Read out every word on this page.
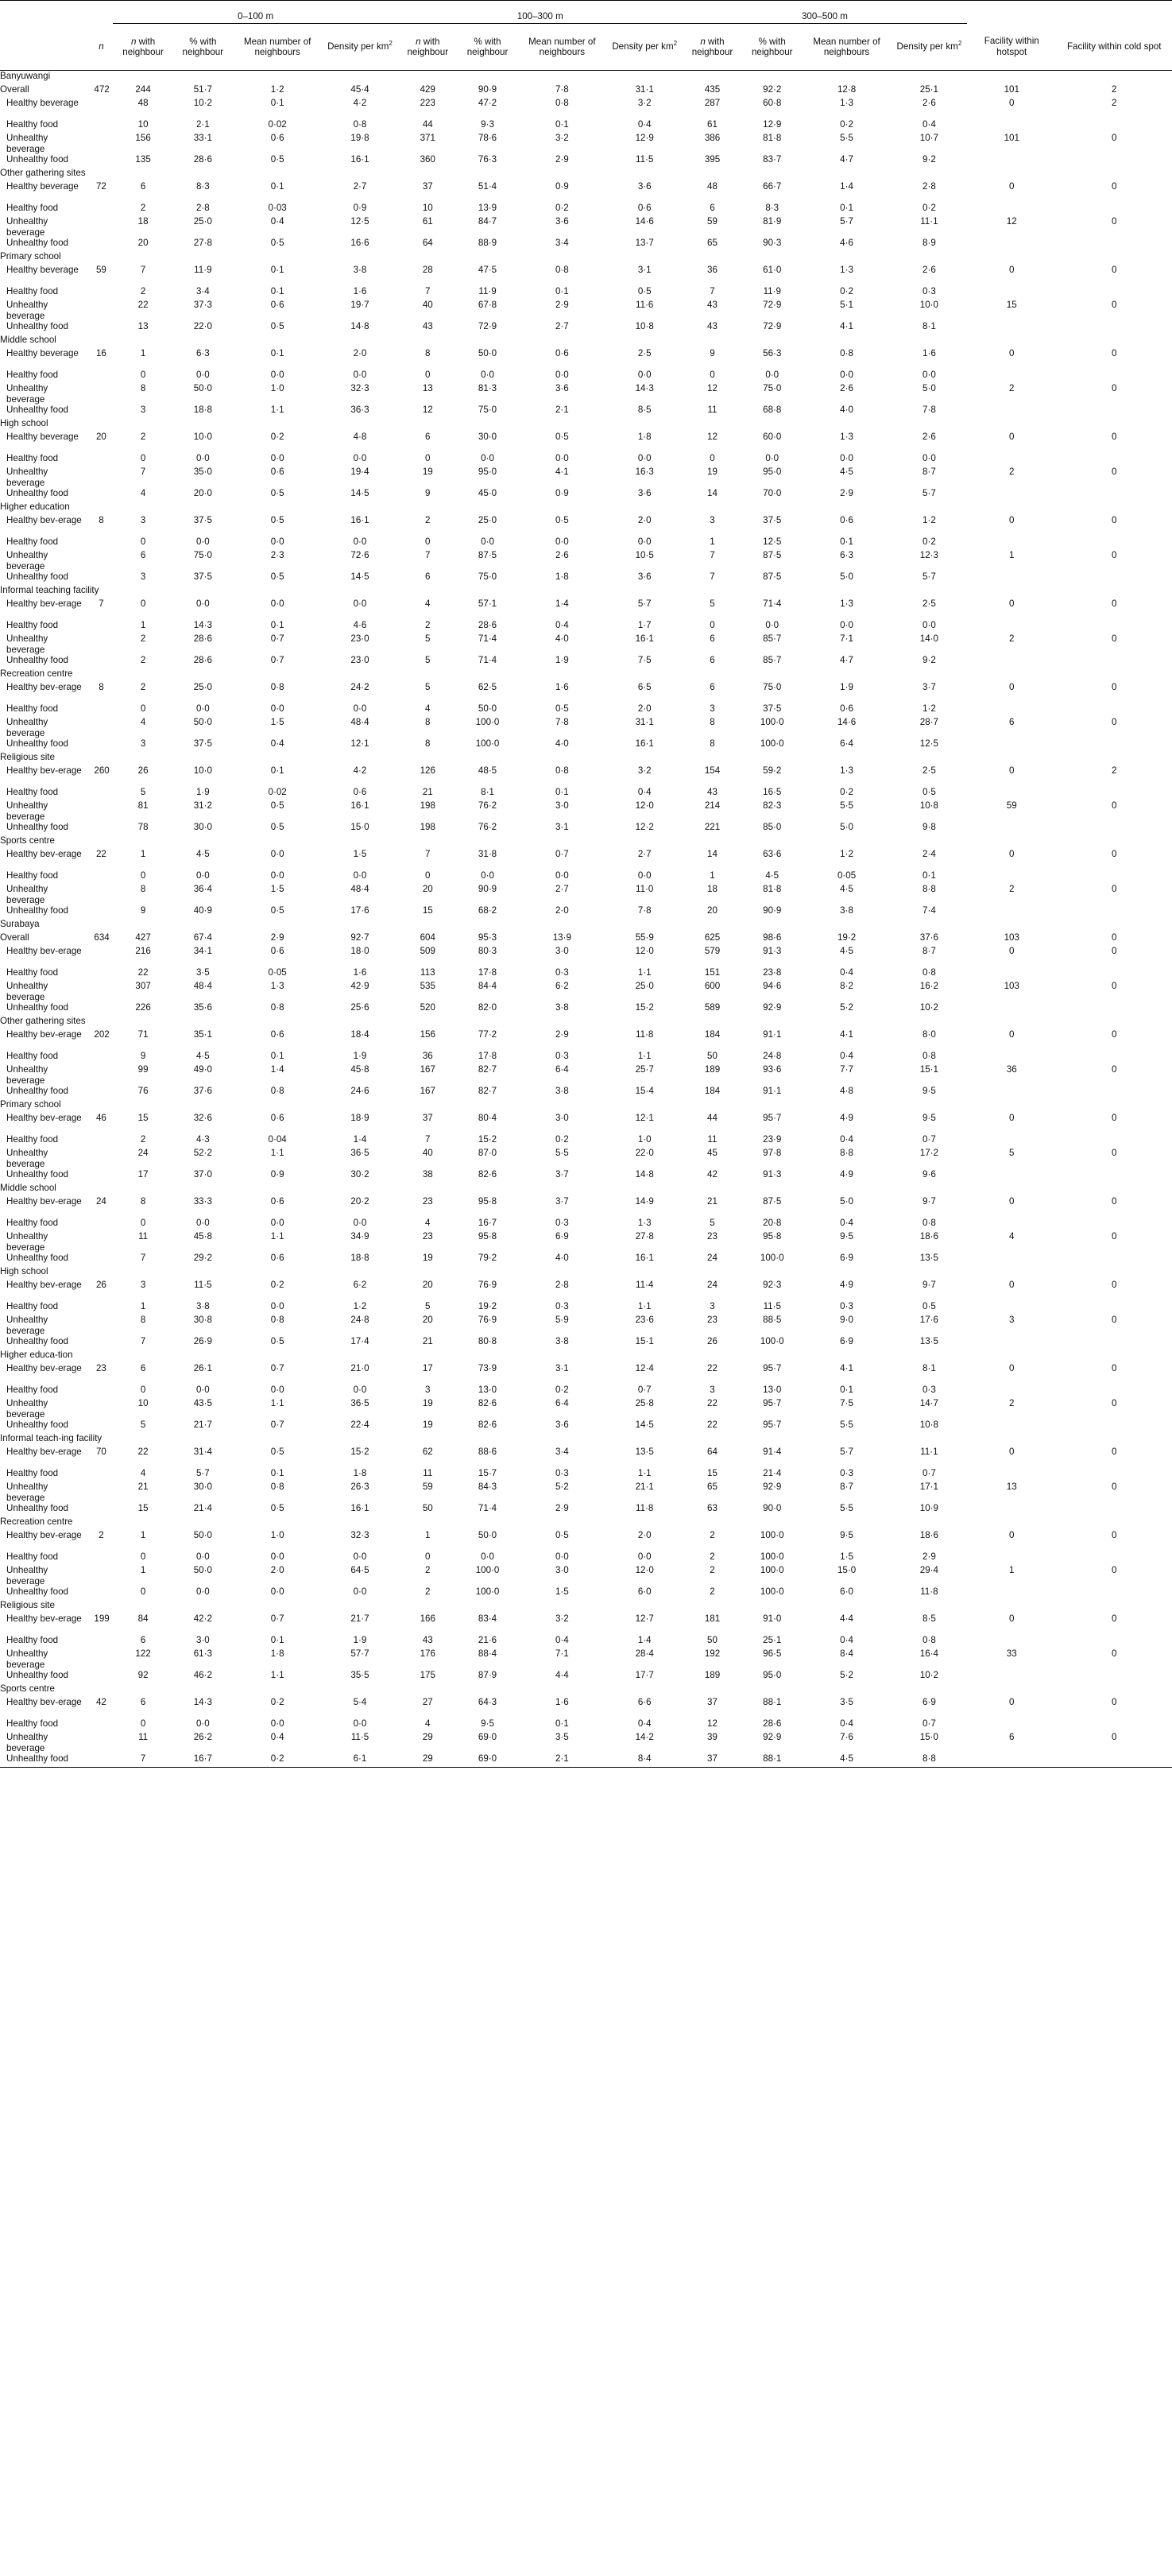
		0–100 m				100–300 m				300–500 m					
	n	n with neighbour	% with neighbour	Mean number of neighbours	Density per $km^2$	n with neighbour	% with neighbour	Mean number of neighbours	Density per $km^2$	n with neighbour	% with neighbour	Mean number of neighbours	Density per $km^2$	Facility within hotspot	Facility within cold spot
Banyuwangi															
Overall	472	244	51·7	1·2	45·4	429	90·9	7·8	31·1	435	92·2	12·8	25·1	101	2
Healthy beverage		48	10·2	0·1	4·2	223	47·2	0·8	3·2	287	60·8	1·3	2·6	0	2
Healthy food		10	2·1	0·02	0·8	44	9·3	0·1	0·4	61	12·9	0·2	0·4		
Unhealthy beverage		156	33·1	0·6	19·8	371	78·6	3·2	12·9	386	81·8	5·5	10·7	101	0
Unhealthy food		135	28·6	0·5	16·1	360	76·3	2·9	11·5	395	83·7	4·7	9·2		
Other gathering sites															
Healthy beverage	72	6	8·3	0·1	2·7	37	51·4	0·9	3·6	48	66·7	1·4	2·8	0	0
Healthy food		2	2·8	0·03	0·9	10	13·9	0·2	0·6	6	8·3	0·1	0·2		
Unhealthy beverage		18	25·0	0·4	12·5	61	84·7	3·6	14·6	59	81·9	5·7	11·1	12	0
Unhealthy food		20	27·8	0·5	16·6	64	88·9	3·4	13·7	65	90·3	4·6	8·9		
Primary school															
Healthy beverage	59	7	11·9	0·1	3·8	28	47·5	0·8	3·1	36	61·0	1·3	2·6	0	0
Healthy food		2	3·4	0·1	1·6	7	11·9	0·1	0·5	7	11·9	0·2	0·3		
Unhealthy beverage		22	37·3	0·6	19·7	40	67·8	2·9	11·6	43	72·9	5·1	10·0	15	0
Unhealthy food		13	22·0	0·5	14·8	43	72·9	2·7	10·8	43	72·9	4·1	8·1		
Middle school															
Healthy beverage	16	1	6·3	0·1	2·0	8	50·0	0·6	2·5	9	56·3	0·8	1·6	0	0
Healthy food		0	0·0	0·0	0·0	0	0·0	0·0	0·0	0	0·0	0·0	0·0		
Unhealthy beverage		8	50·0	1·0	32·3	13	81·3	3·6	14·3	12	75·0	2·6	5·0	2	0
Unhealthy food		3	18·8	1·1	36·3	12	75·0	2·1	8·5	11	68·8	4·0	7·8		
High school															
Healthy beverage	20	2	10·0	0·2	4·8	6	30·0	0·5	1·8	12	60·0	1·3	2·6	0	0
Healthy food		0	0·0	0·0	0·0	0	0·0	0·0	0·0	0	0·0	0·0	0·0		
Unhealthy beverage		7	35·0	0·6	19·4	19	95·0	4·1	16·3	19	95·0	4·5	8·7	2	0
Unhealthy food		4	20·0	0·5	14·5	9	45·0	0·9	3·6	14	70·0	2·9	5·7		
Higher education															
Healthy bev-erage	8	3	37·5	0·5	16·1	2	25·0	0·5	2·0	3	37·5	0·6	1·2	0	0
Healthy food		0	0·0	0·0	0·0	0	0·0	0·0	0·0	1	12·5	0·1	0·2		
Unhealthy beverage		6	75·0	2·3	72·6	7	87·5	2·6	10·5	7	87·5	6·3	12·3	1	0
Unhealthy food		3	37·5	0·5	14·5	6	75·0	1·8	3·6	7	87·5	5·0	5·7		
Informal teaching facility															
Healthy bev-erage	7	0	0·0	0·0	0·0	4	57·1	1·4	5·7	5	71·4	1·3	2·5	0	0
Healthy food		1	14·3	0·1	4·6	2	28·6	0·4	1·7	0	0·0	0·0	0·0		
Unhealthy beverage		2	28·6	0·7	23·0	5	71·4	4·0	16·1	6	85·7	7·1	14·0	2	0
Unhealthy food		2	28·6	0·7	23·0	5	71·4	1·9	7·5	6	85·7	4·7	9·2		
Recreation centre															
Healthy bev-erage	8	2	25·0	0·8	24·2	5	62·5	1·6	6·5	6	75·0	1·9	3·7	0	0
Healthy food		0	0·0	0·0	0·0	4	50·0	0·5	2·0	3	37·5	0·6	1·2		
Unhealthy beverage		4	50·0	1·5	48·4	8	100·0	7·8	31·1	8	100·0	14·6	28·7	6	0
Unhealthy food		3	37·5	0·4	12·1	8	100·0	4·0	16·1	8	100·0	6·4	12·5		
Religious site															
Healthy bev-erage	260	26	10·0	0·1	4·2	126	48·5	0·8	3·2	154	59·2	1·3	2·5	0	2
Healthy food		5	1·9	0·02	0·6	21	8·1	0·1	0·4	43	16·5	0·2	0·5		
Unhealthy beverage		81	31·2	0·5	16·1	198	76·2	3·0	12·0	214	82·3	5·5	10·8	59	0
Unhealthy food		78	30·0	0·5	15·0	198	76·2	3·1	12·2	221	85·0	5·0	9·8		
Sports centre															
Healthy bev-erage	22	1	4·5	0·0	1·5	7	31·8	0·7	2·7	14	63·6	1·2	2·4	0	0
Healthy food		0	0·0	0·0	0·0	0	0·0	0·0	0·0	1	4·5	0·05	0·1		
Unhealthy beverage		8	36·4	1·5	48·4	20	90·9	2·7	11·0	18	81·8	4·5	8·8	2	0
Unhealthy food		9	40·9	0·5	17·6	15	68·2	2·0	7·8	20	90·9	3·8	7·4		
Surabaya															
Overall	634	427	67·4	2·9	92·7	604	95·3	13·9	55·9	625	98·6	19·2	37·6	103	0
Healthy bev-erage		216	34·1	0·6	18·0	509	80·3	3·0	12·0	579	91·3	4·5	8·7	0	0
Healthy food		22	3·5	0·05	1·6	113	17·8	0·3	1·1	151	23·8	0·4	0·8		
Unhealthy beverage		307	48·4	1·3	42·9	535	84·4	6·2	25·0	600	94·6	8·2	16·2	103	0
Unhealthy food		226	35·6	0·8	25·6	520	82·0	3·8	15·2	589	92·9	5·2	10·2		
Other gathering sites															
Healthy bev-erage	202	71	35·1	0·6	18·4	156	77·2	2·9	11·8	184	91·1	4·1	8·0	0	0
Healthy food		9	4·5	0·1	1·9	36	17·8	0·3	1·1	50	24·8	0·4	0·8		
Unhealthy beverage		99	49·0	1·4	45·8	167	82·7	6·4	25·7	189	93·6	7·7	15·1	36	0
Unhealthy food		76	37·6	0·8	24·6	167	82·7	3·8	15·4	184	91·1	4·8	9·5		
Primary school															
Healthy bev-erage	46	15	32·6	0·6	18·9	37	80·4	3·0	12·1	44	95·7	4·9	9·5	0	0
Healthy food		2	4·3	0·04	1·4	7	15·2	0·2	1·0	11	23·9	0·4	0·7		
Unhealthy beverage		24	52·2	1·1	36·5	40	87·0	5·5	22·0	45	97·8	8·8	17·2	5	0
Unhealthy food		17	37·0	0·9	30·2	38	82·6	3·7	14·8	42	91·3	4·9	9·6		
Middle school															
Healthy bev-erage	24	8	33·3	0·6	20·2	23	95·8	3·7	14·9	21	87·5	5·0	9·7	0	0
Healthy food		0	0·0	0·0	0·0	4	16·7	0·3	1·3	5	20·8	0·4	0·8		
Unhealthy beverage		11	45·8	1·1	34·9	23	95·8	6·9	27·8	23	95·8	9·5	18·6	4	0
Unhealthy food		7	29·2	0·6	18·8	19	79·2	4·0	16·1	24	100·0	6·9	13·5		
High school															
Healthy bev-erage	26	3	11·5	0·2	6·2	20	76·9	2·8	11·4	24	92·3	4·9	9·7	0	0
Healthy food		1	3·8	0·0	1·2	5	19·2	0·3	1·1	3	11·5	0·3	0·5		
Unhealthy beverage		8	30·8	0·8	24·8	20	76·9	5·9	23·6	23	88·5	9·0	17·6	3	0
Unhealthy food		7	26·9	0·5	17·4	21	80·8	3·8	15·1	26	100·0	6·9	13·5		
Higher educa-tion															
Healthy bev-erage	23	6	26·1	0·7	21·0	17	73·9	3·1	12·4	22	95·7	4·1	8·1	0	0
Healthy food		0	0·0	0·0	0·0	3	13·0	0·2	0·7	3	13·0	0·1	0·3		
Unhealthy beverage		10	43·5	1·1	36·5	19	82·6	6·4	25·8	22	95·7	7·5	14·7	2	0
Unhealthy food		5	21·7	0·7	22·4	19	82·6	3·6	14·5	22	95·7	5·5	10·8		
Informal teach-ing facility															
Healthy bev-erage	70	22	31·4	0·5	15·2	62	88·6	3·4	13·5	64	91·4	5·7	11·1	0	0
Healthy food		4	5·7	0·1	1·8	11	15·7	0·3	1·1	15	21·4	0·3	0·7		
Unhealthy beverage		21	30·0	0·8	26·3	59	84·3	5·2	21·1	65	92·9	8·7	17·1	13	0
Unhealthy food		15	21·4	0·5	16·1	50	71·4	2·9	11·8	63	90·0	5·5	10·9		
Recreation centre															
Healthy bev-erage	2	1	50·0	1·0	32·3	1	50·0	0·5	2·0	2	100·0	9·5	18·6	0	0
Healthy food		0	0·0	0·0	0·0	0	0·0	0·0	0·0	2	100·0	1·5	2·9		
Unhealthy beverage		1	50·0	2·0	64·5	2	100·0	3·0	12·0	2	100·0	15·0	29·4	1	0
Unhealthy food		0	0·0	0·0	0·0	2	100·0	1·5	6·0	2	100·0	6·0	11·8		
Religious site															
Healthy bev-erage	199	84	42·2	0·7	21·7	166	83·4	3·2	12·7	181	91·0	4·4	8·5	0	0
Healthy food		6	3·0	0·1	1·9	43	21·6	0·4	1·4	50	25·1	0·4	0·8		
Unhealthy beverage		122	61·3	1·8	57·7	176	88·4	7·1	28·4	192	96·5	8·4	16·4	33	0
Unhealthy food		92	46·2	1·1	35·5	175	87·9	4·4	17·7	189	95·0	5·2	10·2		
Sports centre															
Healthy bev-erage	42	6	14·3	0·2	5·4	27	64·3	1·6	6·6	37	88·1	3·5	6·9	0	0
Healthy food		0	0·0	0·0	0·0	4	9·5	0·1	0·4	12	28·6	0·4	0·7		
Unhealthy beverage		11	26·2	0·4	11·5	29	69·0	3·5	14·2	39	92·9	7·6	15·0	6	0
Unhealthy food		7	16·7	0·2	6·1	29	69·0	2·1	8·4	37	88·1	4·5	8·8		
